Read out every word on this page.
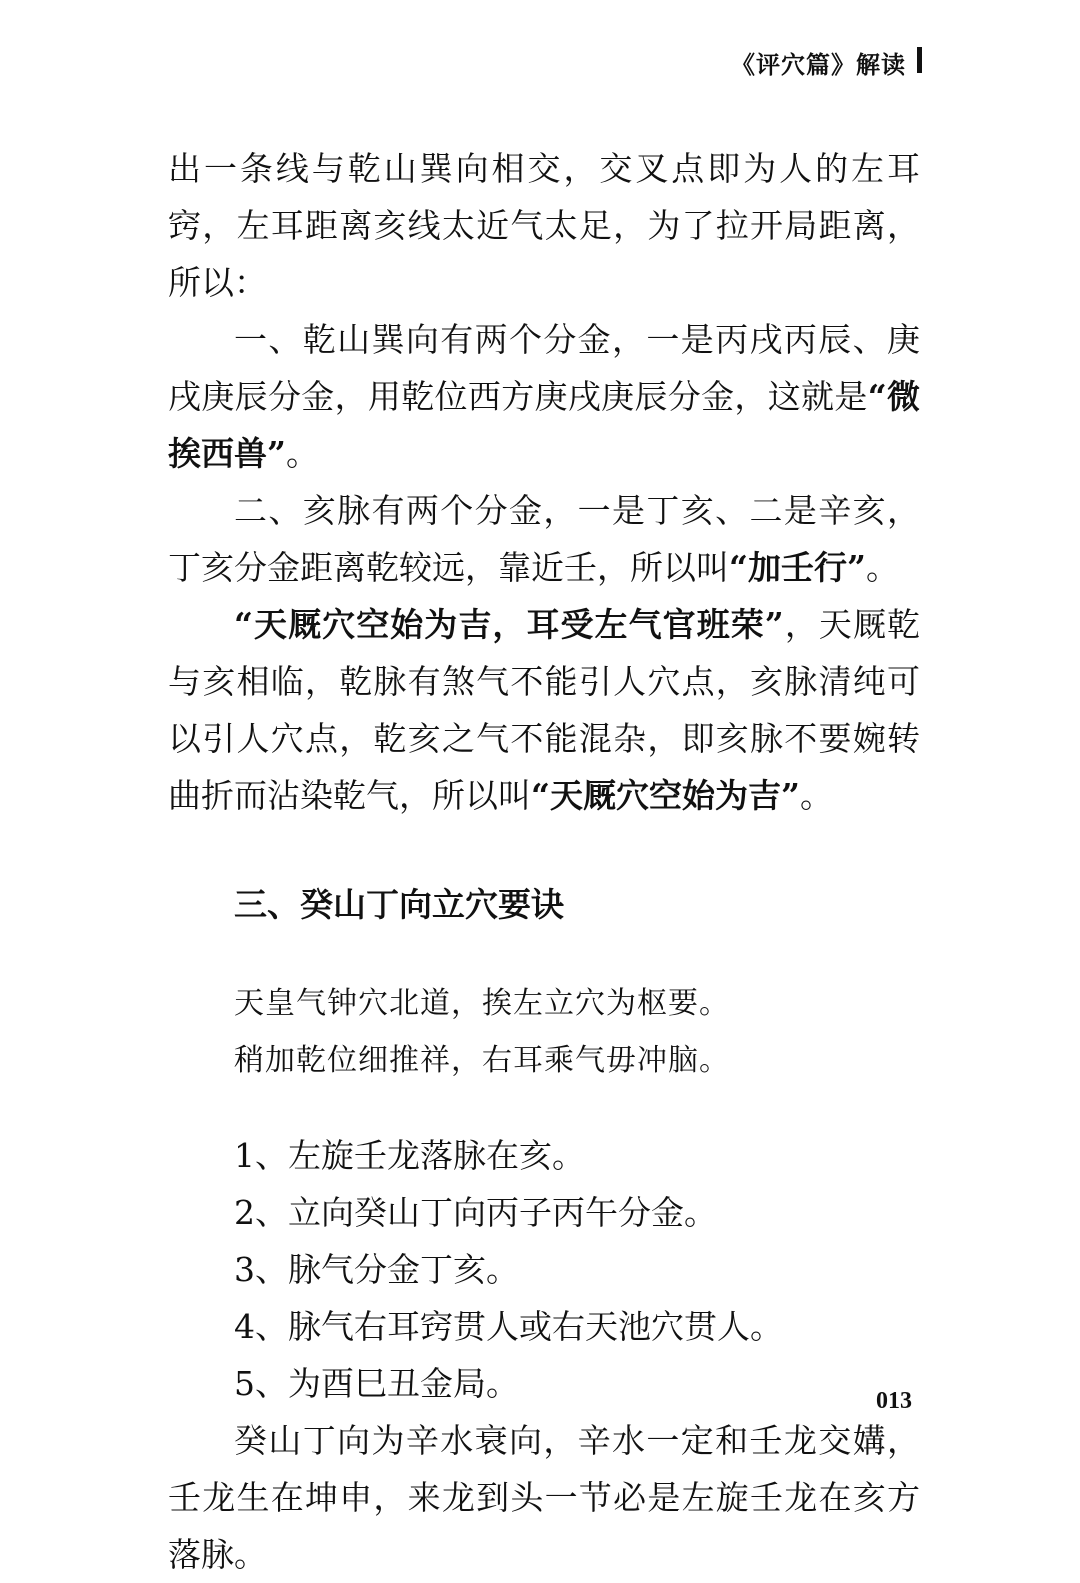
《评穴篇》解读

出一条线与乾山巽向相交，交叉点即为人的左耳窍，左耳距离亥线太近气太足，为了拉开局距离，所以：

一、乾山巽向有两个分金，一是丙戌丙辰、庚戌庚辰分金，用乾位西方庚戌庚辰分金，这就是“微挨西兽”。

二、亥脉有两个分金，一是丁亥、二是辛亥，丁亥分金距离乾较远，靠近壬，所以叫“加壬行”。

“天厩穴空始为吉，耳受左气官班荣”，天厩乾与亥相临，乾脉有煞气不能引人穴点，亥脉清纯可以引人穴点，乾亥之气不能混杂，即亥脉不要婉转曲折而沾染乾气，所以叫“天厩穴空始为吉”。

三、癸山丁向立穴要诀
天皇气钟穴北道，挨左立穴为枢要。
稍加乾位细推祥，右耳乘气毋冲脑。

1、左旋壬龙落脉在亥。

2、立向癸山丁向丙子丙午分金。

3、脉气分金丁亥。

4、脉气右耳窍贯人或右天池穴贯人。

5、为酉巳丑金局。

癸山丁向为辛水衰向，辛水一定和壬龙交媾，壬龙生在坤申，来龙到头一节必是左旋壬龙在亥方落脉。

013
